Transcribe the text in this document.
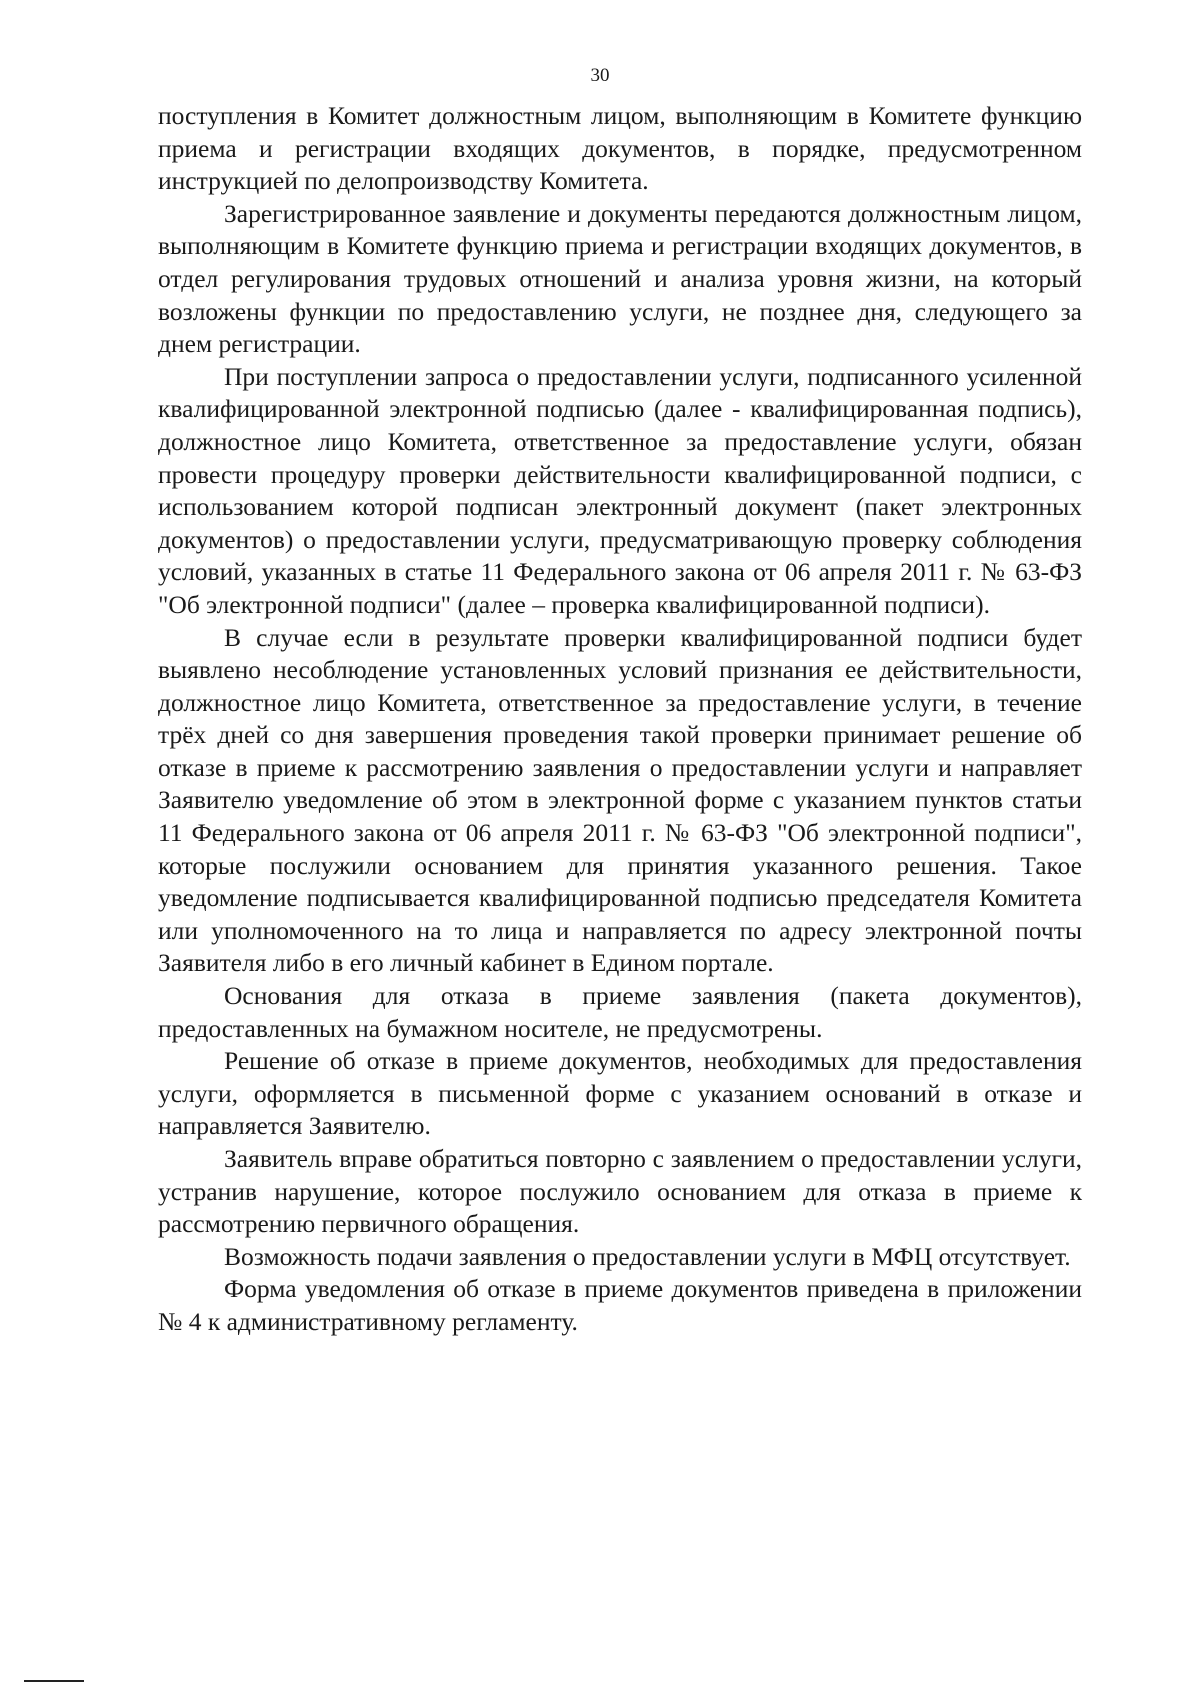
30

поступления в Комитет должностным лицом, выполняющим в Комитете функцию приема и регистрации входящих документов, в порядке, предусмотренном инструкцией по делопроизводству Комитета.

Зарегистрированное заявление и документы передаются должностным лицом, выполняющим в Комитете функцию приема и регистрации входящих документов, в отдел регулирования трудовых отношений и анализа уровня жизни, на который возложены функции по предоставлению услуги, не позднее дня, следующего за днем регистрации.

При поступлении запроса о предоставлении услуги, подписанного усиленной квалифицированной электронной подписью (далее - квалифицированная подпись), должностное лицо Комитета, ответственное за предоставление услуги, обязан провести процедуру проверки действительности квалифицированной подписи, с использованием которой подписан электронный документ (пакет электронных документов) о предоставлении услуги, предусматривающую проверку соблюдения условий, указанных в статье 11 Федерального закона от 06 апреля 2011 г. № 63-ФЗ "Об электронной подписи" (далее – проверка квалифицированной подписи).

В случае если в результате проверки квалифицированной подписи будет выявлено несоблюдение установленных условий признания ее действительности, должностное лицо Комитета, ответственное за предоставление услуги, в течение трёх дней со дня завершения проведения такой проверки принимает решение об отказе в приеме к рассмотрению заявления о предоставлении услуги и направляет Заявителю уведомление об этом в электронной форме с указанием пунктов статьи 11 Федерального закона от 06 апреля 2011 г. № 63-ФЗ "Об электронной подписи", которые послужили основанием для принятия указанного решения. Такое уведомление подписывается квалифицированной подписью председателя Комитета или уполномоченного на то лица и направляется по адресу электронной почты Заявителя либо в его личный кабинет в Едином портале.

Основания для отказа в приеме заявления (пакета документов), предоставленных на бумажном носителе, не предусмотрены.

Решение об отказе в приеме документов, необходимых для предоставления услуги, оформляется в письменной форме с указанием оснований в отказе и направляется Заявителю.

Заявитель вправе обратиться повторно с заявлением о предоставлении услуги, устранив нарушение, которое послужило основанием для отказа в приеме к рассмотрению первичного обращения.

Возможность подачи заявления о предоставлении услуги в МФЦ отсутствует.

Форма уведомления об отказе в приеме документов приведена в приложении № 4 к административному регламенту.
